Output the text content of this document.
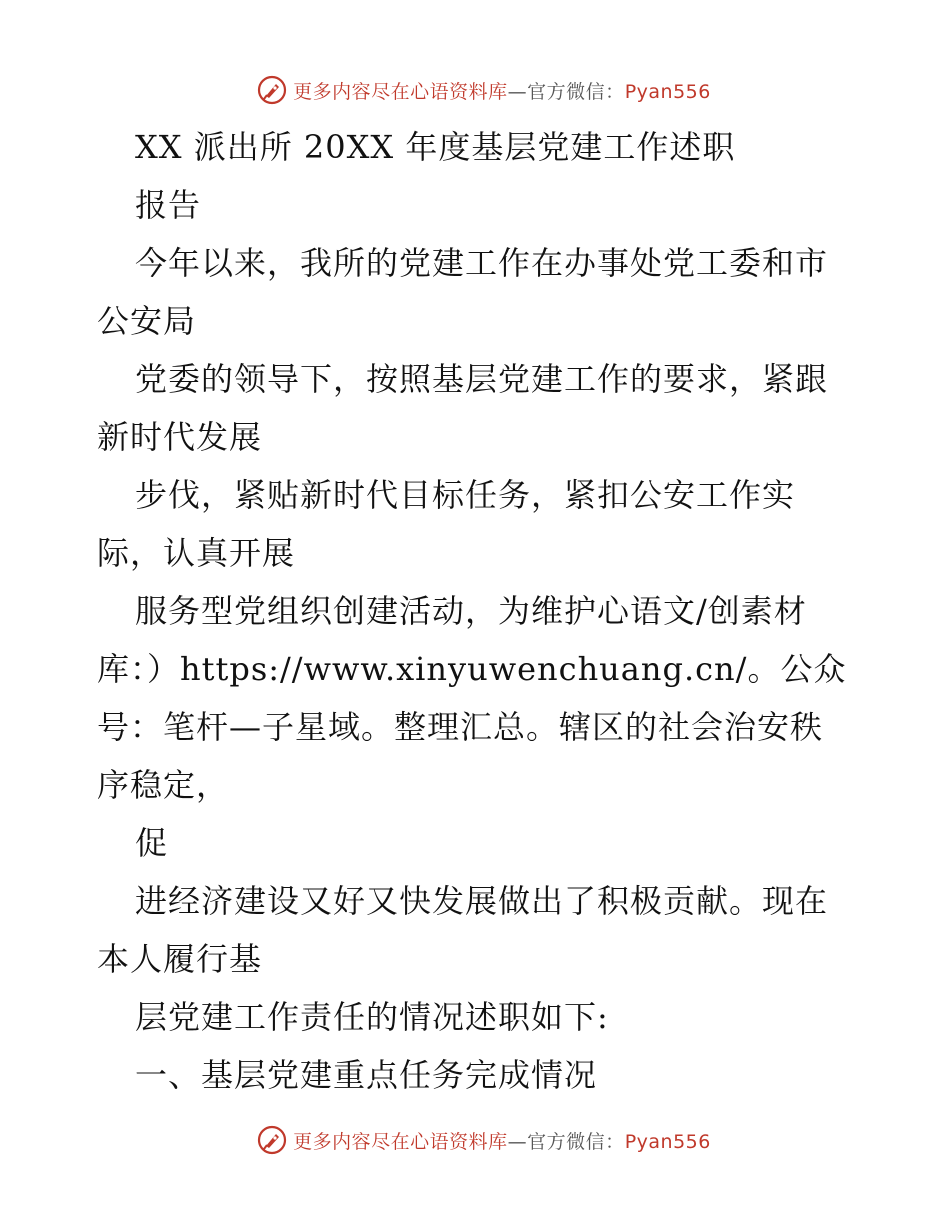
更多内容尽在心语资料库—官方微信：Pyan556
XX 派出所 20XX 年度基层党建工作述职
报告
今年以来，我所的党建工作在办事处党工委和市
公安局
党委的领导下，按照基层党建工作的要求，紧跟
新时代发展
步伐，紧贴新时代目标任务，紧扣公安工作实
际，认真开展
服务型党组织创建活动，为维护心语文/创素材
库：）https://www.xinyuwenchuang.cn/。公众
号：笔杆—子星域。整理汇总。辖区的社会治安秩
序稳定，
促
进经济建设又好又快发展做出了积极贡献。现在
本人履行基
层党建工作责任的情况述职如下:
一、基层党建重点任务完成情况
更多内容尽在心语资料库—官方微信：Pyan556
